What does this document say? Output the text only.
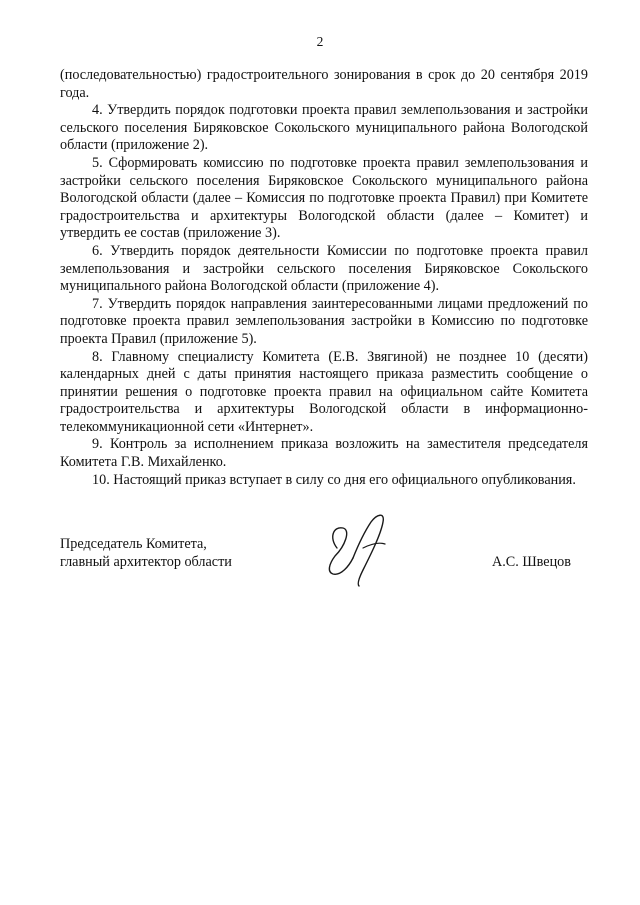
2

(последовательностью) градостроительного зонирования в срок до 20 сентября 2019 года.

4. Утвердить порядок подготовки проекта правил землепользования и застройки сельского поселения Биряковское Сокольского муниципального района Вологодской области (приложение 2).

5. Сформировать комиссию по подготовке проекта правил землепользования и застройки сельского поселения Биряковское Сокольского муниципального района Вологодской области (далее – Комиссия по подготовке проекта Правил) при Комитете градостроительства и архитектуры Вологодской области (далее – Комитет) и утвердить ее состав (приложение 3).

6. Утвердить порядок деятельности Комиссии по подготовке проекта правил землепользования и застройки сельского поселения Биряковское Сокольского муниципального района Вологодской области (приложение 4).

7. Утвердить порядок направления заинтересованными лицами предложений по подготовке проекта правил землепользования застройки в Комиссию по подготовке проекта Правил (приложение 5).

8. Главному специалисту Комитета (Е.В. Звягиной) не позднее 10 (десяти) календарных дней с даты принятия настоящего приказа разместить сообщение о принятии решения о подготовке проекта правил на официальном сайте Комитета градостроительства и архитектуры Вологодской области в информационно-телекоммуникационной сети «Интернет».

9. Контроль за исполнением приказа возложить на заместителя председателя Комитета Г.В. Михайленко.

10. Настоящий приказ вступает в силу со дня его официального опубликования.

Председатель Комитета,
главный архитектор области	А.С. Швецов
